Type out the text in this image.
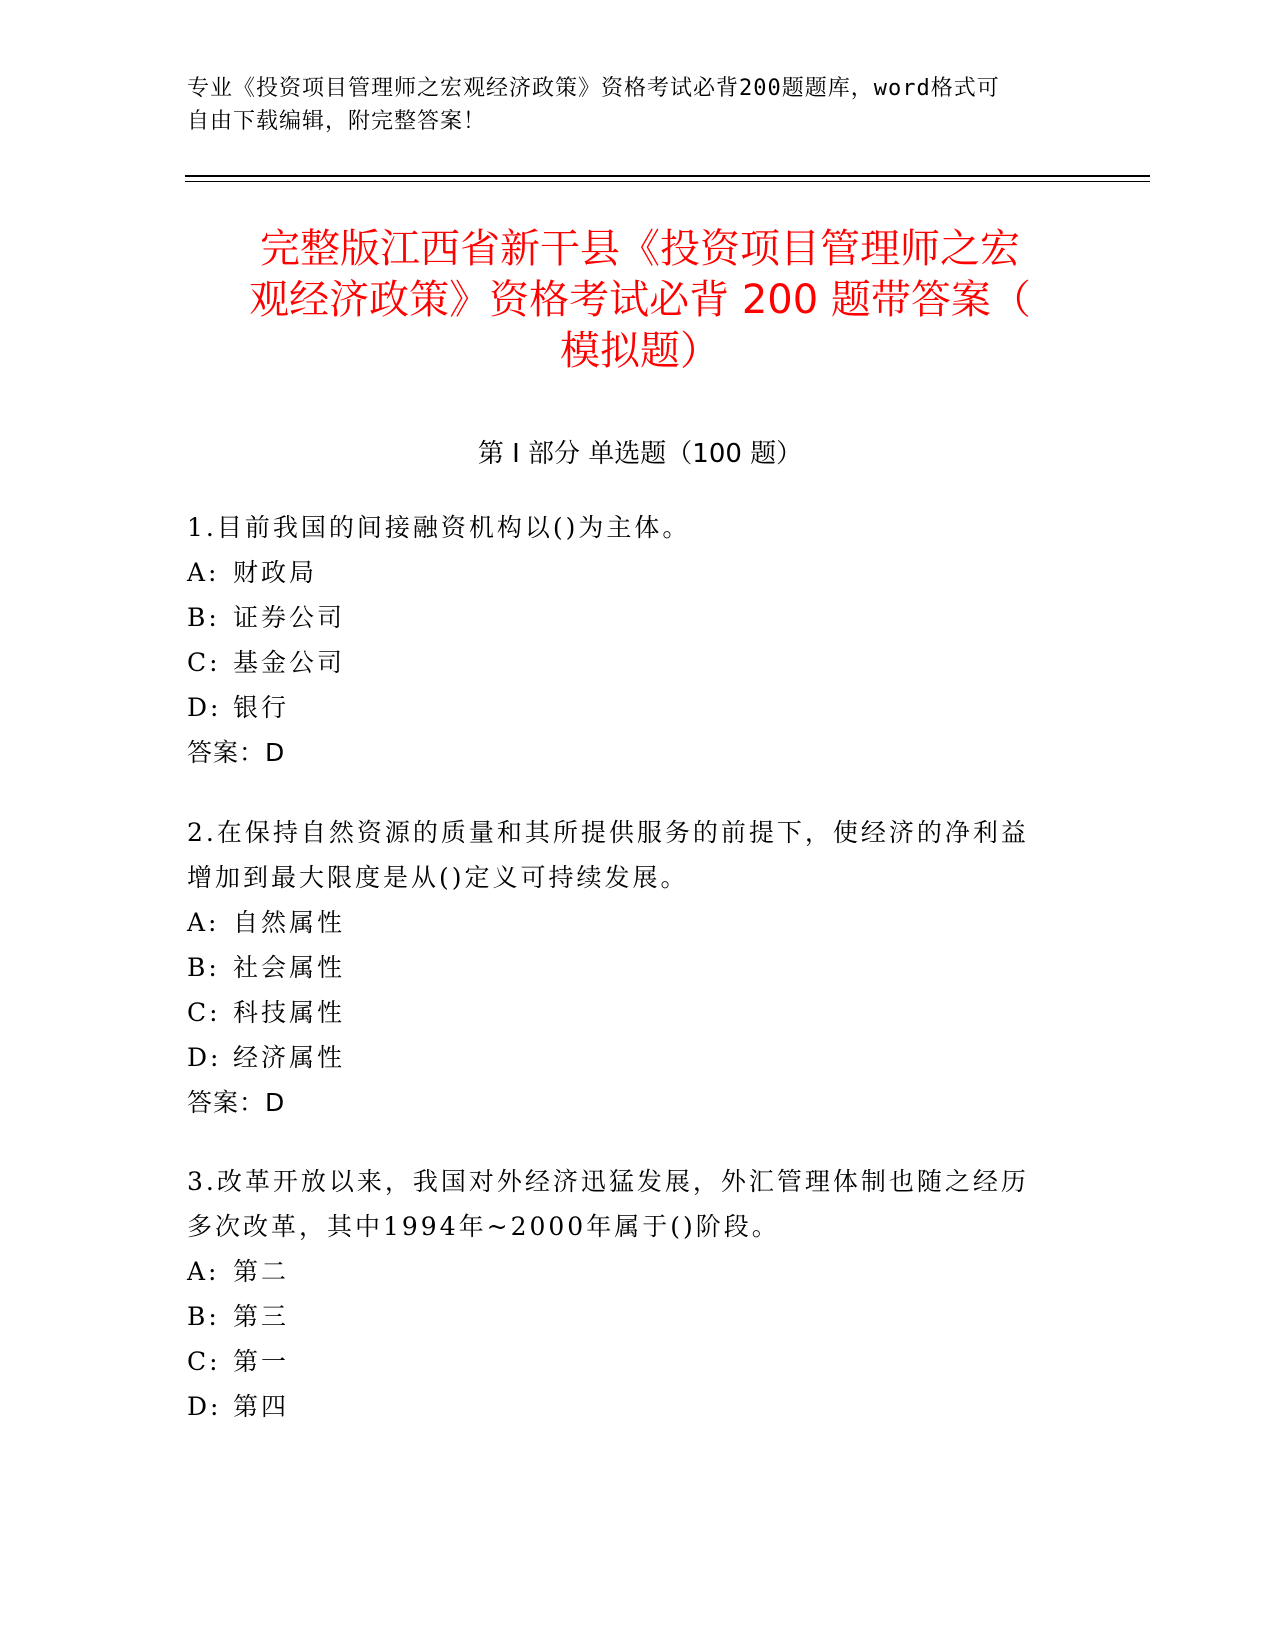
专业《投资项目管理师之宏观经济政策》资格考试必背200题题库，word格式可
自由下载编辑，附完整答案！
完整版江西省新干县《投资项目管理师之宏
观经济政策》资格考试必背 200 题带答案（
模拟题）
第 I 部分 单选题（100 题）
1.目前我国的间接融资机构以()为主体。
A: 财政局
B: 证券公司
C: 基金公司
D: 银行
答案：D
2.在保持自然资源的质量和其所提供服务的前提下，使经济的净利益
增加到最大限度是从()定义可持续发展。
A: 自然属性
B: 社会属性
C: 科技属性
D: 经济属性
答案：D
3.改革开放以来，我国对外经济迅猛发展，外汇管理体制也随之经历
多次改革，其中1994年~2000年属于()阶段。
A: 第二
B: 第三
C: 第一
D: 第四
